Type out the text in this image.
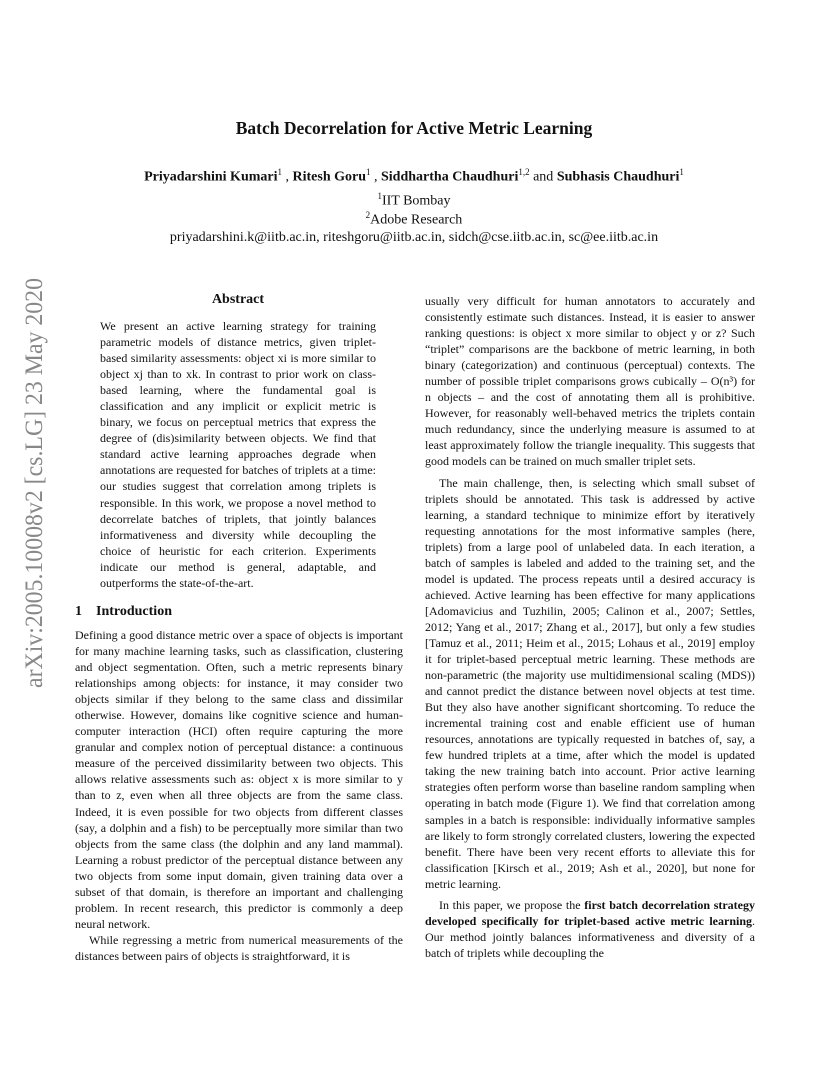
arXiv:2005.10008v2 [cs.LG] 23 May 2020
Batch Decorrelation for Active Metric Learning
Priyadarshini Kumari$^1$ , Ritesh Goru$^1$ , Siddhartha Chaudhuri$^{1,2}$ and Subhasis Chaudhuri$^1$
$^1$IIT Bombay
$^2$Adobe Research
priyadarshini.k@iitb.ac.in, riteshgoru@iitb.ac.in, sidch@cse.iitb.ac.in, sc@ee.iitb.ac.in
Abstract
We present an active learning strategy for training parametric models of distance metrics, given triplet-based similarity assessments: object xi is more similar to object xj than to xk. In contrast to prior work on class-based learning, where the fundamental goal is classification and any implicit or explicit metric is binary, we focus on perceptual metrics that express the degree of (dis)similarity between objects. We find that standard active learning approaches degrade when annotations are requested for batches of triplets at a time: our studies suggest that correlation among triplets is responsible. In this work, we propose a novel method to decorrelate batches of triplets, that jointly balances informativeness and diversity while decoupling the choice of heuristic for each criterion. Experiments indicate our method is general, adaptable, and outperforms the state-of-the-art.
1 Introduction

Defining a good distance metric over a space of objects is important for many machine learning tasks, such as classification, clustering and object segmentation. Often, such a metric represents binary relationships among objects: for instance, it may consider two objects similar if they belong to the same class and dissimilar otherwise. However, domains like cognitive science and human-computer interaction (HCI) often require capturing the more granular and complex notion of perceptual distance: a continuous measure of the perceived dissimilarity between two objects. This allows relative assessments such as: object x is more similar to y than to z, even when all three objects are from the same class. Indeed, it is even possible for two objects from different classes (say, a dolphin and a fish) to be perceptually more similar than two objects from the same class (the dolphin and any land mammal). Learning a robust predictor of the perceptual distance between any two objects from some input domain, given training data over a subset of that domain, is therefore an important and challenging problem. In recent research, this predictor is commonly a deep neural network.

While regressing a metric from numerical measurements of the distances between pairs of objects is straightforward, it is

usually very difficult for human annotators to accurately and consistently estimate such distances. Instead, it is easier to answer ranking questions: is object x more similar to object y or z? Such “triplet” comparisons are the backbone of metric learning, in both binary (categorization) and continuous (perceptual) contexts. The number of possible triplet comparisons grows cubically – O(n³) for n objects – and the cost of annotating them all is prohibitive. However, for reasonably well-behaved metrics the triplets contain much redundancy, since the underlying measure is assumed to at least approximately follow the triangle inequality. This suggests that good models can be trained on much smaller triplet sets.

The main challenge, then, is selecting which small subset of triplets should be annotated. This task is addressed by active learning, a standard technique to minimize effort by iteratively requesting annotations for the most informative samples (here, triplets) from a large pool of unlabeled data. In each iteration, a batch of samples is labeled and added to the training set, and the model is updated. The process repeats until a desired accuracy is achieved. Active learning has been effective for many applications [Adomavicius and Tuzhilin, 2005; Calinon et al., 2007; Settles, 2012; Yang et al., 2017; Zhang et al., 2017], but only a few studies [Tamuz et al., 2011; Heim et al., 2015; Lohaus et al., 2019] employ it for triplet-based perceptual metric learning. These methods are non-parametric (the majority use multidimensional scaling (MDS)) and cannot predict the distance between novel objects at test time. But they also have another significant shortcoming. To reduce the incremental training cost and enable efficient use of human resources, annotations are typically requested in batches of, say, a few hundred triplets at a time, after which the model is updated taking the new training batch into account. Prior active learning strategies often perform worse than baseline random sampling when operating in batch mode (Figure 1). We find that correlation among samples in a batch is responsible: individually informative samples are likely to form strongly correlated clusters, lowering the expected benefit. There have been very recent efforts to alleviate this for classification [Kirsch et al., 2019; Ash et al., 2020], but none for metric learning.

In this paper, we propose the first batch decorrelation strategy developed specifically for triplet-based active metric learning. Our method jointly balances informativeness and diversity of a batch of triplets while decoupling the
